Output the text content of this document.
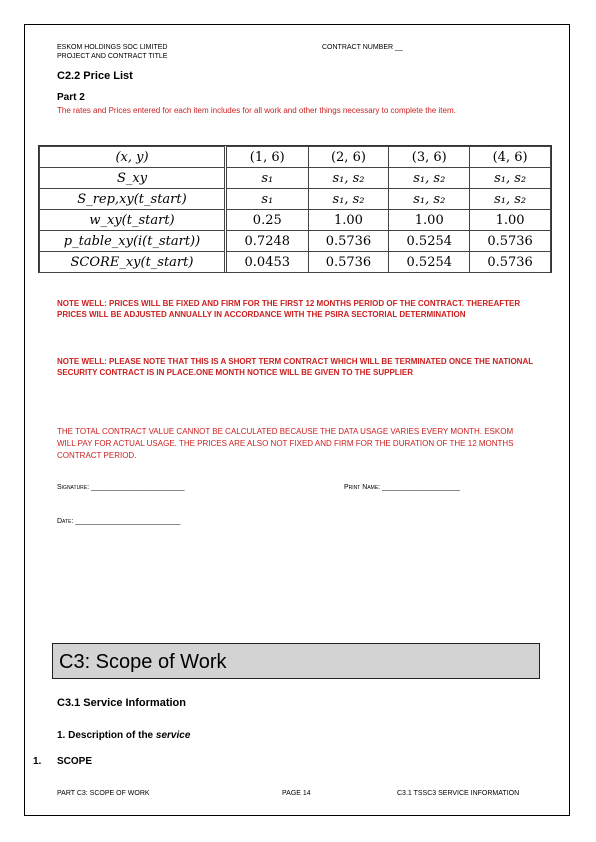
ESKOM HOLDINGS SOC LIMITED
PROJECT AND CONTRACT TITLE
CONTRACT NUMBER __
C2.2 Price List
Part 2
The rates and Prices entered for each item includes for all work and other things necessary to complete the item.
(x, y)	(1, 6)	(2, 6)	(3, 6)	(4, 6)
S_xy	s₁	s₁, s₂	s₁, s₂	s₁, s₂
S_rep,xy(t_start)	s₁	s₁, s₂	s₁, s₂	s₁, s₂
w_xy(t_start)	0.25	1.00	1.00	1.00
p_table_xy(i(t_start))	0.7248	0.5736	0.5254	0.5736
SCORE_xy(t_start)	0.0453	0.5736	0.5254	0.5736
NOTE WELL: PRICES WILL BE FIXED AND FIRM FOR THE FIRST 12 MONTHS PERIOD OF THE CONTRACT. THEREAFTER PRICES WILL BE ADJUSTED ANNUALLY IN ACCORDANCE WITH THE PSIRA SECTORIAL DETERMINATION
NOTE WELL: PLEASE NOTE THAT THIS IS A SHORT TERM CONTRACT WHICH WILL BE TERMINATED ONCE THE NATIONAL SECURITY CONTRACT IS IN PLACE.ONE MONTH NOTICE WILL BE GIVEN TO THE SUPPLIER
THE TOTAL CONTRACT VALUE CANNOT BE CALCULATED BECAUSE THE DATA USAGE VARIES EVERY MONTH. ESKOM WILL PAY FOR ACTUAL USAGE. THE PRICES ARE ALSO NOT FIXED AND FIRM FOR THE DURATION OF THE 12 MONTHS CONTRACT PERIOD.
Signature: ________________________	Print Name: ____________________
Date: ___________________________
C3: Scope of Work
C3.1 Service Information
1. Description of the service
1. SCOPE
PART C3: SCOPE OF WORK	PAGE 14	C3.1 TSSC3 SERVICE INFORMATION
